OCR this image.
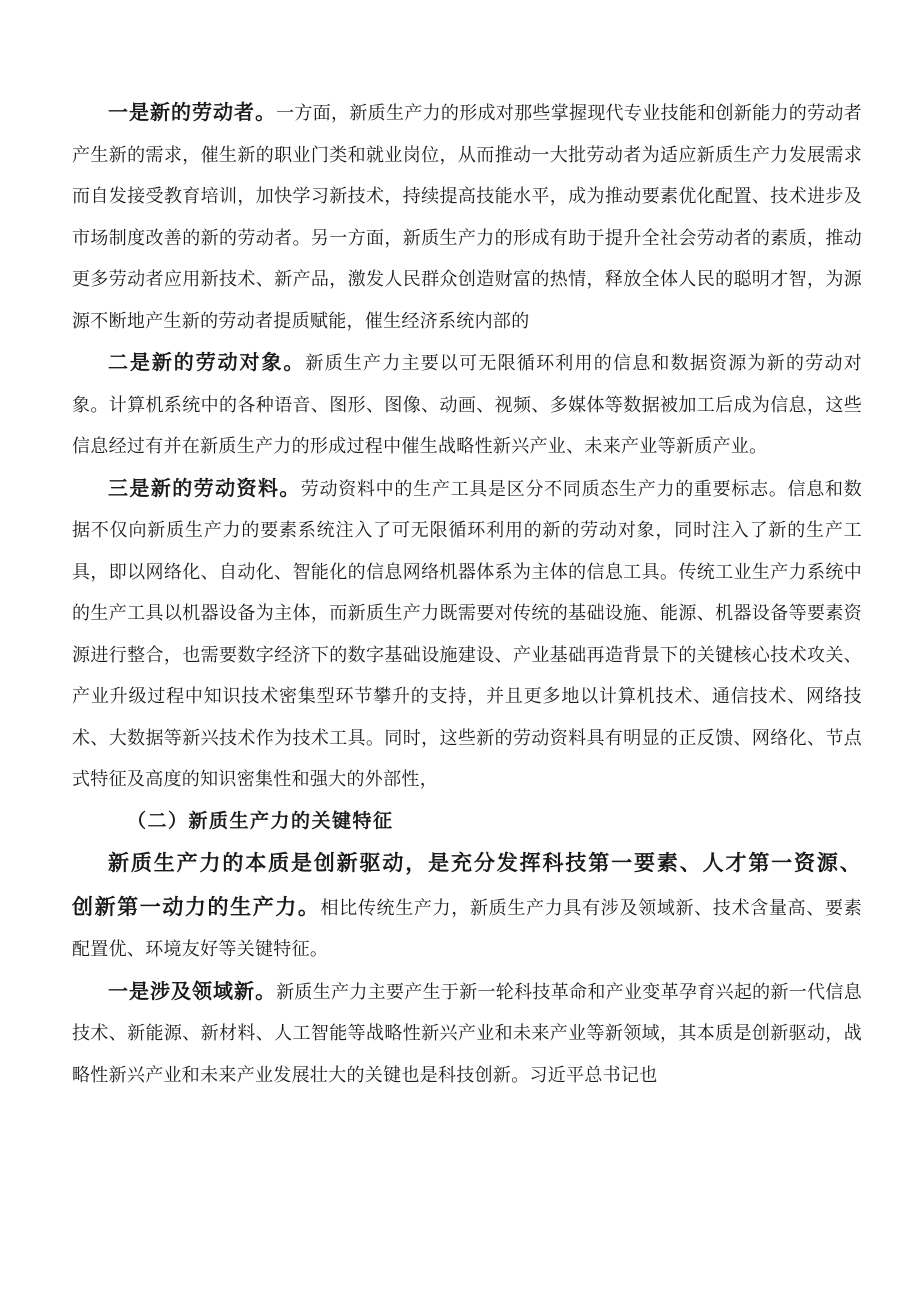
一是新的劳动者。一方面，新质生产力的形成对那些掌握现代专业技能和创新能力的劳动者产生新的需求，催生新的职业门类和就业岗位，从而推动一大批劳动者为适应新质生产力发展需求而自发接受教育培训，加快学习新技术，持续提高技能水平，成为推动要素优化配置、技术进步及市场制度改善的新的劳动者。另一方面，新质生产力的形成有助于提升全社会劳动者的素质，推动更多劳动者应用新技术、新产品，激发人民群众创造财富的热情，释放全体人民的聪明才智，为源源不断地产生新的劳动者提质赋能，催生经济系统内部的

二是新的劳动对象。新质生产力主要以可无限循环利用的信息和数据资源为新的劳动对象。计算机系统中的各种语音、图形、图像、动画、视频、多媒体等数据被加工后成为信息，这些信息经过有并在新质生产力的形成过程中催生战略性新兴产业、未来产业等新质产业。

三是新的劳动资料。劳动资料中的生产工具是区分不同质态生产力的重要标志。信息和数据不仅向新质生产力的要素系统注入了可无限循环利用的新的劳动对象，同时注入了新的生产工具，即以网络化、自动化、智能化的信息网络机器体系为主体的信息工具。传统工业生产力系统中的生产工具以机器设备为主体，而新质生产力既需要对传统的基础设施、能源、机器设备等要素资源进行整合，也需要数字经济下的数字基础设施建设、产业基础再造背景下的关键核心技术攻关、产业升级过程中知识技术密集型环节攀升的支持，并且更多地以计算机技术、通信技术、网络技术、大数据等新兴技术作为技术工具。同时，这些新的劳动资料具有明显的正反馈、网络化、节点式特征及高度的知识密集性和强大的外部性，

（二）新质生产力的关键特征

新质生产力的本质是创新驱动，是充分发挥科技第一要素、人才第一资源、创新第一动力的生产力。相比传统生产力，新质生产力具有涉及领域新、技术含量高、要素配置优、环境友好等关键特征。

一是涉及领域新。新质生产力主要产生于新一轮科技革命和产业变革孕育兴起的新一代信息技术、新能源、新材料、人工智能等战略性新兴产业和未来产业等新领域，其本质是创新驱动，战略性新兴产业和未来产业发展壮大的关键也是科技创新。习近平总书记也
